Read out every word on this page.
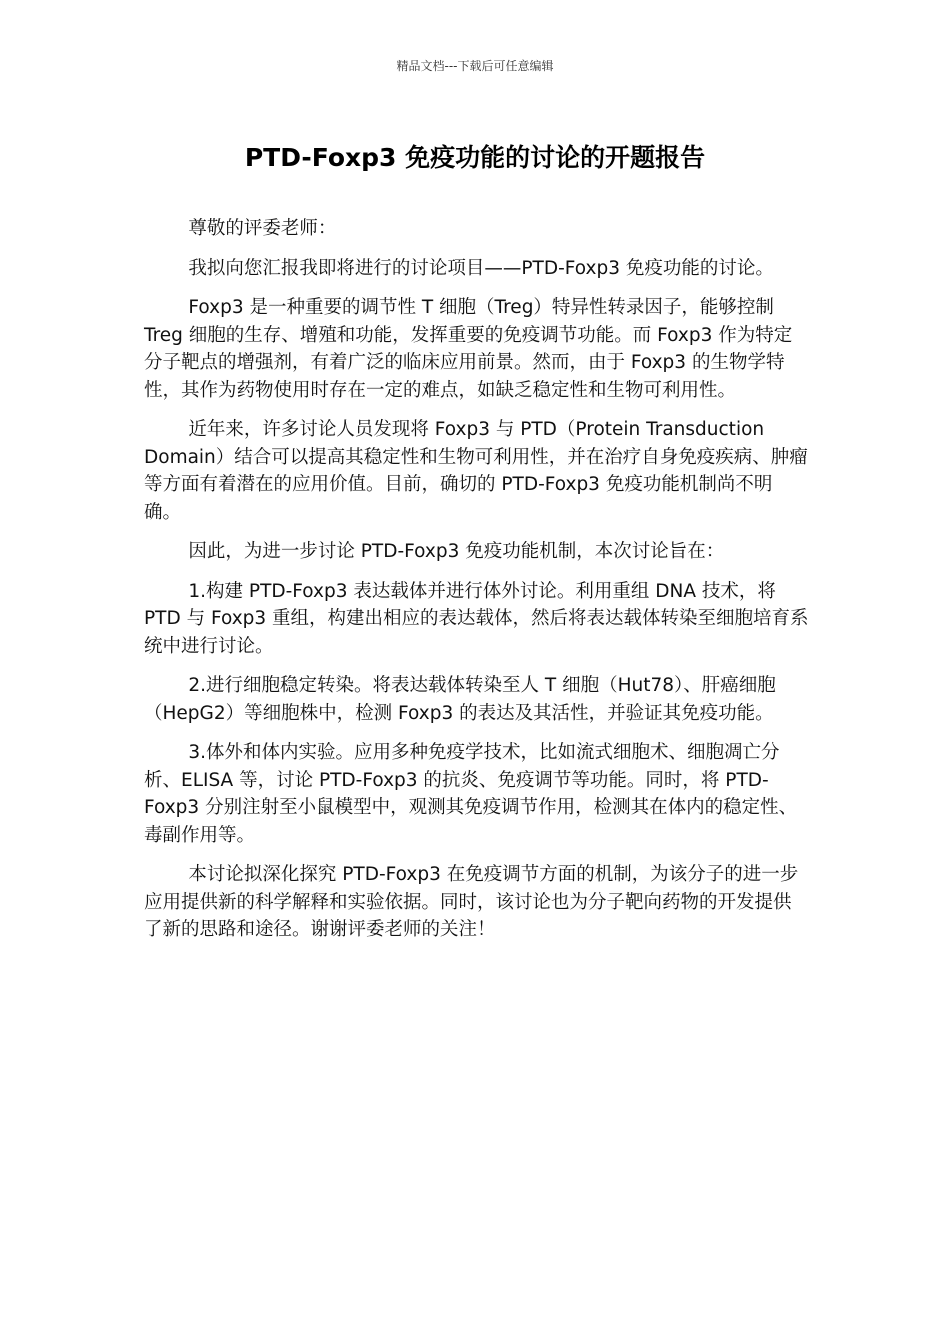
精品文档---下载后可任意编辑
PTD-Foxp3 免疫功能的讨论的开题报告

尊敬的评委老师：

我拟向您汇报我即将进行的讨论项目——PTD-Foxp3 免疫功能的讨论。

Foxp3 是一种重要的调节性 T 细胞（Treg）特异性转录因子，能够控制 Treg 细胞的生存、增殖和功能，发挥重要的免疫调节功能。而 Foxp3 作为特定分子靶点的增强剂，有着广泛的临床应用前景。然而，由于 Foxp3 的生物学特性，其作为药物使用时存在一定的难点，如缺乏稳定性和生物可利用性。

近年来，许多讨论人员发现将 Foxp3 与 PTD（Protein Transduction Domain）结合可以提高其稳定性和生物可利用性，并在治疗自身免疫疾病、肿瘤等方面有着潜在的应用价值。目前，确切的 PTD-Foxp3 免疫功能机制尚不明确。

因此，为进一步讨论 PTD-Foxp3 免疫功能机制，本次讨论旨在：

1.构建 PTD-Foxp3 表达载体并进行体外讨论。利用重组 DNA 技术，将 PTD 与 Foxp3 重组，构建出相应的表达载体，然后将表达载体转染至细胞培育系统中进行讨论。

2.进行细胞稳定转染。将表达载体转染至人 T 细胞（Hut78）、肝癌细胞（HepG2）等细胞株中，检测 Foxp3 的表达及其活性，并验证其免疫功能。

3.体外和体内实验。应用多种免疫学技术，比如流式细胞术、细胞凋亡分析、ELISA 等，讨论 PTD-Foxp3 的抗炎、免疫调节等功能。同时，将 PTD-Foxp3 分别注射至小鼠模型中，观测其免疫调节作用，检测其在体内的稳定性、毒副作用等。

本讨论拟深化探究 PTD-Foxp3 在免疫调节方面的机制，为该分子的进一步应用提供新的科学解释和实验依据。同时，该讨论也为分子靶向药物的开发提供了新的思路和途径。谢谢评委老师的关注！
